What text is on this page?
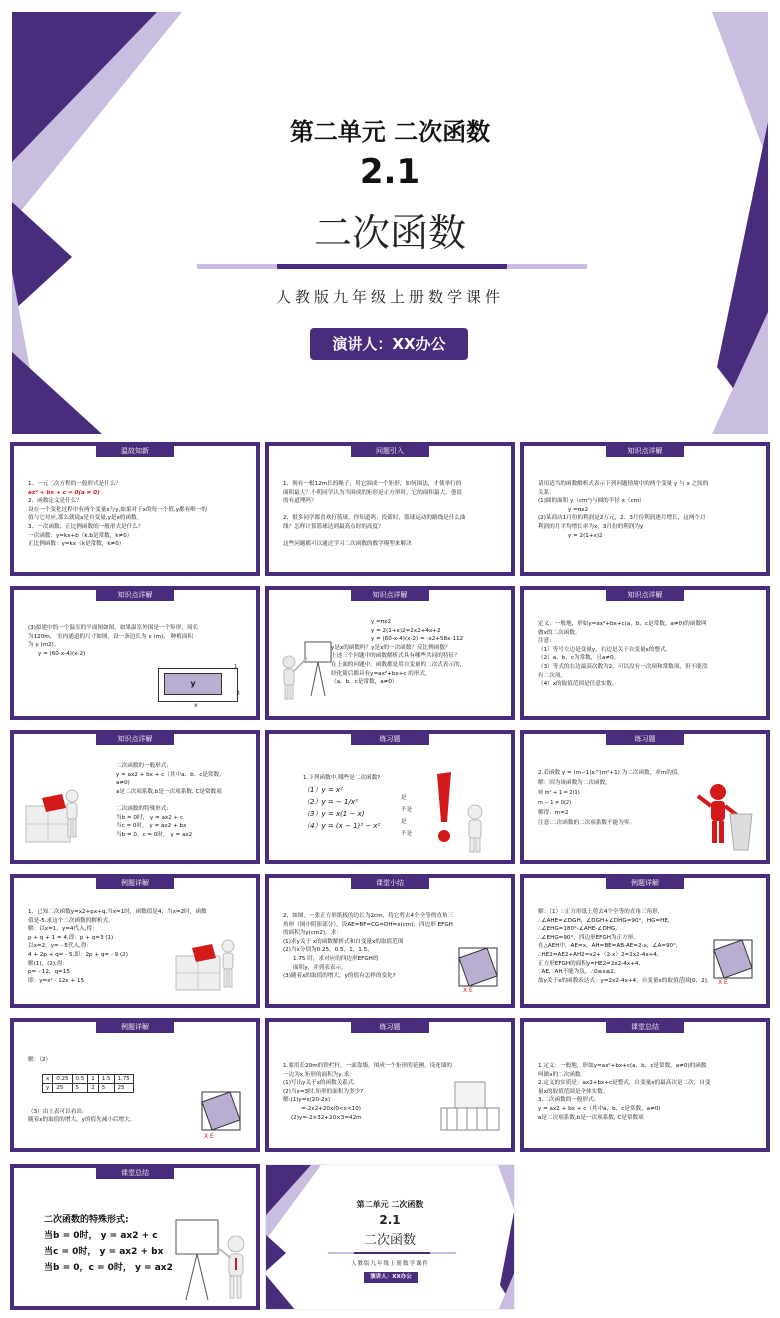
第二单元 二次函数
2.1
二次函数
人教版九年级上册数学课件
演讲人：XX办公
温故知新
1、一元二次方程的一般形式是什么？
ax² + bx + c = 0(a ≠ 0)
2、函数定义是什么？
设在一个变化过程中有两个变量x与y,如果对于x的每一个值,y都有唯一的
值与它对应,那么就说x是自变量,y是x的函数。
3、一次函数、正比例函数的一般形式是什么？
一次函数：y=kx+b（k,b是常数，k≠0）
正比例函数：y=kx（k是常数，k≠0）
问题引入
1、现有一根12m长的绳子，用它围成一个矩形，如何围法，才使举行的
面积最大？小明同学认为当围成的矩形是正方形时，它的面积最大，他说
的有道理吗？

2、很多同学都喜欢打篮球，你知道吗：投篮时，篮球运动的路线是什么曲
线？怎样计算篮球达到最高点时的高度？

这些问题都可以通过学习二次函数的数学模型来解决
知识点详解
请用适当的函数解析式表示下列问题情境中的两个变量 y 与 x 之间的
关系：
(1)圆的面积 y（cm²)与圆的半径 x（cm）
y =πx2
(2)某商店1月份的利润是2万元，2、3月份利润逐月增长，这两个月
利润的月平均增长率为x，3月份的利润为y
y = 2(1+x)2
知识点详解
(3)拟建中的一个温室的平面图如图，如果温室外围是一个矩形，周长
为120m， 室内通道的尺寸如图，设一条边长为 x (m)， 种植面积
为 y (m2)。
y = (60-x-4)(x-2)
y
1
3
x
知识点详解
y =πx2
y = 2(1+x)2=2x2+4x+2
y = (60-x-4)(x-2) = -x2+58x-112
y是x的函数吗？y是x的一次函数？反比例函数？
上述三个问题中的函数解析式具有哪些共同的特征？
在上面的问题中，函数都是用自变量的二次式表示的，
经化简后都具有y=ax²+bx+c 的形式。
（a，b，c是常数，a≠0）
知识点详解
定义：一般地，形如y=ax²+bx+c(a，b，c是常数，a≠0)的函数叫
做x的二次函数。
注意：
（1）等号左边是变量y，右边是关于自变量x的整式。
（2）a，b，c为常数，且a≠0。
（3）等式的右边最高次数为2，可以没有一次项和常数项，但不能没
有二次项。
（4）x的取值范围是任意实数。
知识点详解
二次函数的一般形式:
y = ax2 + bx + c（其中a、b、c是常数,
a≠0)
a是二次项系数,b是一次项系数, C是常数项

二次函数的特殊形式:
当b = 0时， y = ax2 + c
当c = 0时， y = ax2 + bx
当b = 0，c = 0时， y = ax2
练习题
1.下列函数中,哪些是二次函数?
（1）y = x²
（2）y = − 1/x²
（3）y = x(1 − x)
（4）y = (x − 1)² − x²
是
不是
是
不是
练习题
2.若函数 y = (m−1)x^(m²+1) 为二次函数，求m的值。
解：因为该函数为二次函数，
则 m² + 1 = 2(1)
m − 1 ≠ 0(2)
解得：m=2
注意:二次函数的二次项系数不能为零。
例题详解
1、已知二次函数y=x2+px+q,当x=1时，函数值是4；当x=2时，函数
值是-5.求这个二次函数的解析式。
解：以x=1，y=4代入,得：
p + q + 1 = 4,即：p + q=3 (1)
以x=2，y= - 5代入,得：
4 + 2p + q= - 5,即：2p + q= - 9 (2)
解(1)，(2),得：
p= - 12，q=15
即：y=x² - 12x + 15
课堂小结
2、如图，一张正方形纸板的边长为2cm，将它剪去4个全等的直角三
角形（图中阴影部分），设AE=BF=CG=DH=x(cm)，四边形 EFGH
的面积为y(cm2)，求：
(1)求y关于 x的函数解析式和自变量x的取值范围
(2)当x分别为0.25，0.5，1，1.5，
1.75 时，求对应的四边形EFGH的
面积y，并列表表示。
(3)随着x的取值的增大，y的值有怎样的变化?
X E
例题详解
解：（1）∵正方形纸上剪去4个全等的直角三角形,
∴∠AHE=∠DGH，∠DGH+∠DHG=90°，HG=HE，
∴∠EHG=180°-∠AHE-∠DHG,
∴∠EHG=90°，四边形EFGH为正方形,
在△AEH中，AE=x，AH=BE=AB-AE=2-x，∠A=90°,
∴HE2=AE2+AH2=x2+（2-x）2=2x2-4x+4,
正方形EFGH的面积y=HE2=2x2-4x+4,
∵AE，AH不能为负，∴0≤x≤2,
故y关于x的函数表达式：y=2x2-4x+4，自变量x的取值范围[0，2]。 X E
例题详解
解：（2）

（3）由上表可以看出:
随着x的取值的增大，y的值先减小后增大。
x	0.25	0.5	1	1.5	1.75
y	25	5	2	5	25
X E
练习题
1.要用长20m的铁栏杆，一面靠墙，围成一个矩形的花圃，设连墙的
一边为x,矩形的面积为y,求:
(1)写出y关于x的函数关系式。
(2)当x=3时,矩形的面积为多少?
解:(1)y=x(20-2x)
=-2x2+20x(0<x<10)
(2)y=-2×32+20×3=42m
课堂总结
1.定义：一般地，形如y=ax²+bx+c(a，b，c是常数，a≠0)的函数
叫做x的二次函数。
2.定义的实质是：ax2+bx+c是整式，自变量x的最高次是二次，自变
量x的取值范围是全体实数。
3.二次函数的一般形式:
y = ax2 + bx + c（其中a、b、c是常数，a≠0)
a是二次项系数,b是一次项系数, C是常数项
课堂总结
二次函数的特殊形式:
当b = 0时， y = ax2 + c
当c = 0时， y = ax2 + bx
当b = 0，c = 0时， y = ax2
第二单元 二次函数
2.1
二次函数
人教版九年级上册数学课件
演讲人：XX办公
